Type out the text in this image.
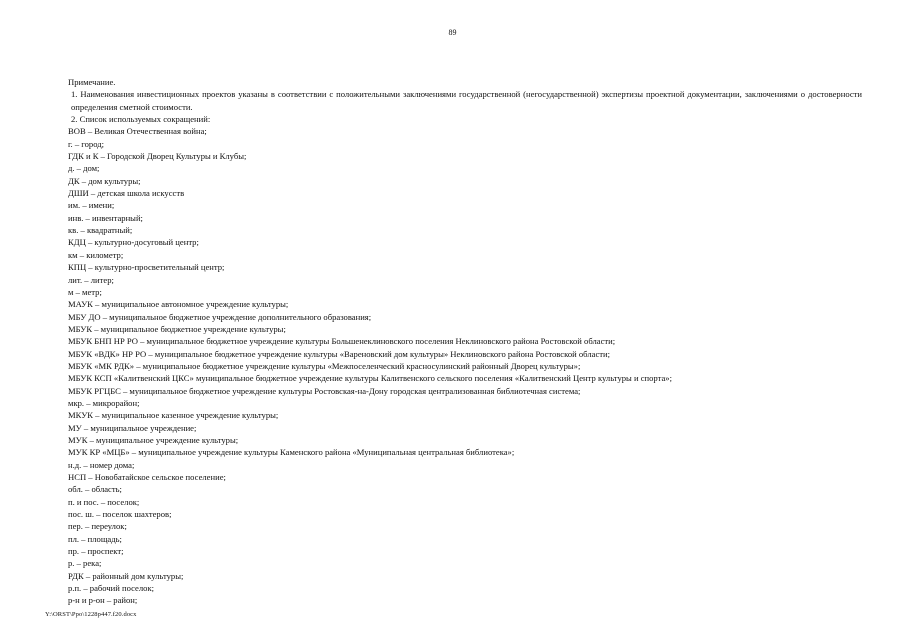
89
Примечание.
1. Наименования инвестиционных проектов указаны в соответствии с положительными заключениями государственной (негосударственной) экспертизы проектной документации, заключениями о достоверности определения сметной стоимости.
2. Список используемых сокращений:
ВОВ – Великая Отечественная война;
г. – город;
ГДК и К – Городской Дворец Культуры и Клубы;
д. – дом;
ДК – дом культуры;
ДШИ – детская школа искусств
им. – имени;
инв. – инвентарный;
кв. – квадратный;
КДЦ – культурно-досуговый центр;
км – километр;
КПЦ – культурно-просветительный центр;
лит. – литер;
м – метр;
МАУК – муниципальное автономное учреждение культуры;
МБУ ДО – муниципальное бюджетное учреждение дополнительного образования;
МБУК – муниципальное бюджетное учреждение культуры;
МБУК БНП НР РО – муниципальное бюджетное учреждение культуры Большенеклиновского поселения Неклиновского района Ростовской области;
МБУК «ВДК» НР РО – муниципальное бюджетное учреждение культуры «Вареновский дом культуры» Неклиновского района Ростовской области;
МБУК «МК РДК» – муниципальное бюджетное учреждение культуры «Межпоселенческий красносулинский районный Дворец культуры»;
МБУК КСП «Калитвенский ЦКС» муниципальное бюджетное учреждение культуры Калитвенского сельского поселения «Калитвенский Центр культуры и спорта»;
МБУК РГЦБС – муниципальное бюджетное учреждение культуры Ростовская-на-Дону городская централизованная библиотечная система;
мкр. – микрорайон;
МКУК – муниципальное казенное учреждение культуры;
МУ – муниципальное учреждение;
МУК – муниципальное учреждение культуры;
МУК КР «МЦБ» – муниципальное учреждение культуры Каменского района «Муниципальная центральная библиотека»;
н.д. – номер дома;
НСП – Новобатайское сельское поселение;
обл. – область;
п. и пос. – поселок;
пос. ш. – поселок шахтеров;
пер. – переулок;
пл. – площадь;
пр. – проспект;
р. – река;
РДК – районный дом культуры;
р.п. – рабочий поселок;
р-н и р-он – район;
Y:\ORST\Ppo\1228p447.f20.docx
